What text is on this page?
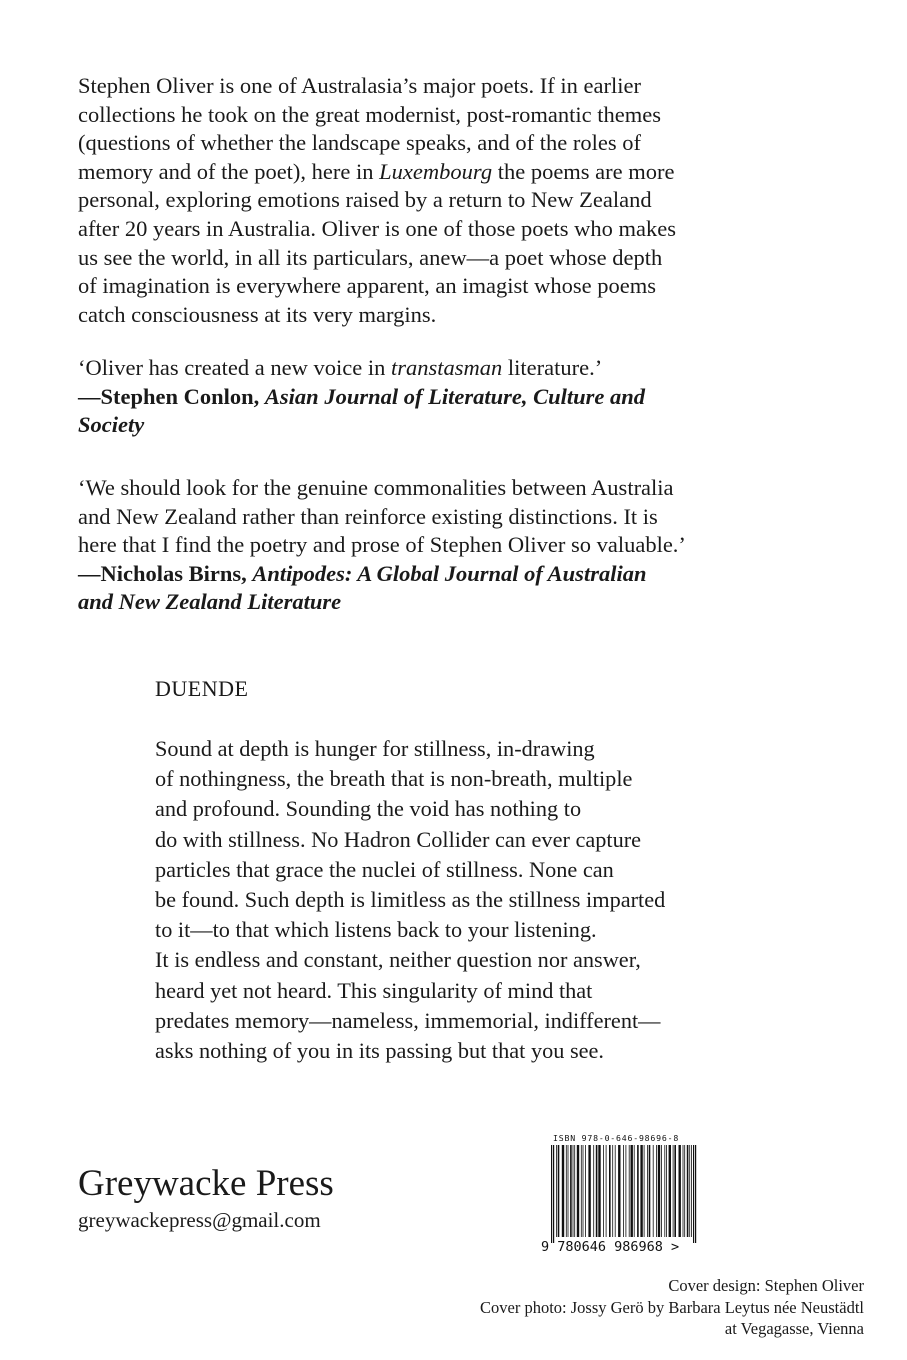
Stephen Oliver is one of Australasia’s major poets. If in earlier
collections he took on the great modernist, post-romantic themes
(questions of whether the landscape speaks, and of the roles of
memory and of the poet), here in Luxembourg the poems are more
personal, exploring emotions raised by a return to New Zealand
after 20 years in Australia. Oliver is one of those poets who makes
us see the world, in all its particulars, anew—a poet whose depth
of imagination is everywhere apparent, an imagist whose poems
catch consciousness at its very margins.
‘Oliver has created a new voice in transtasman literature.’
—Stephen Conlon, Asian Journal of Literature, Culture and
Society
‘We should look for the genuine commonalities between Australia
and New Zealand rather than reinforce existing distinctions. It is
here that I find the poetry and prose of Stephen Oliver so valuable.’
—Nicholas Birns, Antipodes: A Global Journal of Australian
and New Zealand Literature
DUENDE
Sound at depth is hunger for stillness, in-drawing
of nothingness, the breath that is non-breath, multiple
and profound. Sounding the void has nothing to
do with stillness. No Hadron Collider can ever capture
particles that grace the nuclei of stillness. None can
be found. Such depth is limitless as the stillness imparted
to it—to that which listens back to your listening.
It is endless and constant, neither question nor answer,
heard yet not heard. This singularity of mind that
predates memory—nameless, immemorial, indifferent—
asks nothing of you in its passing but that you see.
Greywacke Press
greywackepress@gmail.com
ISBN 978-0-646-98696-8
9 780646 986968 >
Cover design: Stephen Oliver
Cover photo: Jossy Gerö by Barbara Leytus née Neustädtl
at Vegagasse, Vienna
